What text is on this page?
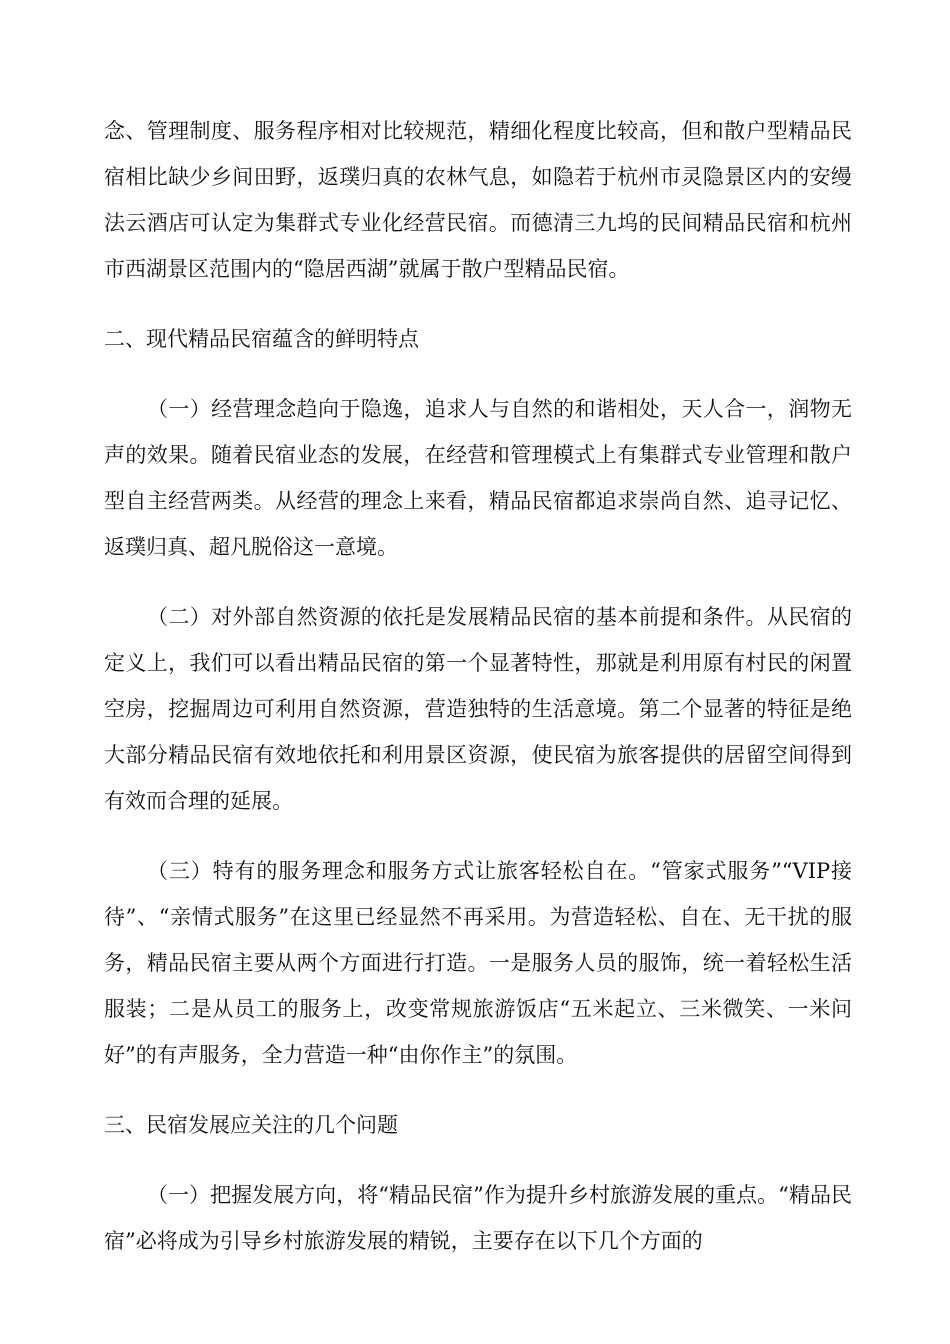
念、管理制度、服务程序相对比较规范，精细化程度比较高，但和散户型精品民宿相比缺少乡间田野，返璞归真的农林气息，如隐若于杭州市灵隐景区内的安缦法云酒店可认定为集群式专业化经营民宿。而德清三九坞的民间精品民宿和杭州市西湖景区范围内的“隐居西湖”就属于散户型精品民宿。

二、现代精品民宿蕴含的鲜明特点

（一）经营理念趋向于隐逸，追求人与自然的和谐相处，天人合一，润物无声的效果。随着民宿业态的发展，在经营和管理模式上有集群式专业管理和散户型自主经营两类。从经营的理念上来看，精品民宿都追求崇尚自然、追寻记忆、返璞归真、超凡脱俗这一意境。

（二）对外部自然资源的依托是发展精品民宿的基本前提和条件。从民宿的定义上，我们可以看出精品民宿的第一个显著特性，那就是利用原有村民的闲置空房，挖掘周边可利用自然资源，营造独特的生活意境。第二个显著的特征是绝大部分精品民宿有效地依托和利用景区资源，使民宿为旅客提供的居留空间得到有效而合理的延展。

（三）特有的服务理念和服务方式让旅客轻松自在。“管家式服务”“VIP接待”、“亲情式服务”在这里已经显然不再采用。为营造轻松、自在、无干扰的服务，精品民宿主要从两个方面进行打造。一是服务人员的服饰，统一着轻松生活服装；二是从员工的服务上，改变常规旅游饭店“五米起立、三米微笑、一米问好”的有声服务，全力营造一种“由你作主”的氛围。

三、民宿发展应关注的几个问题

（一）把握发展方向，将“精品民宿”作为提升乡村旅游发展的重点。“精品民宿”必将成为引导乡村旅游发展的精锐，主要存在以下几个方面的
